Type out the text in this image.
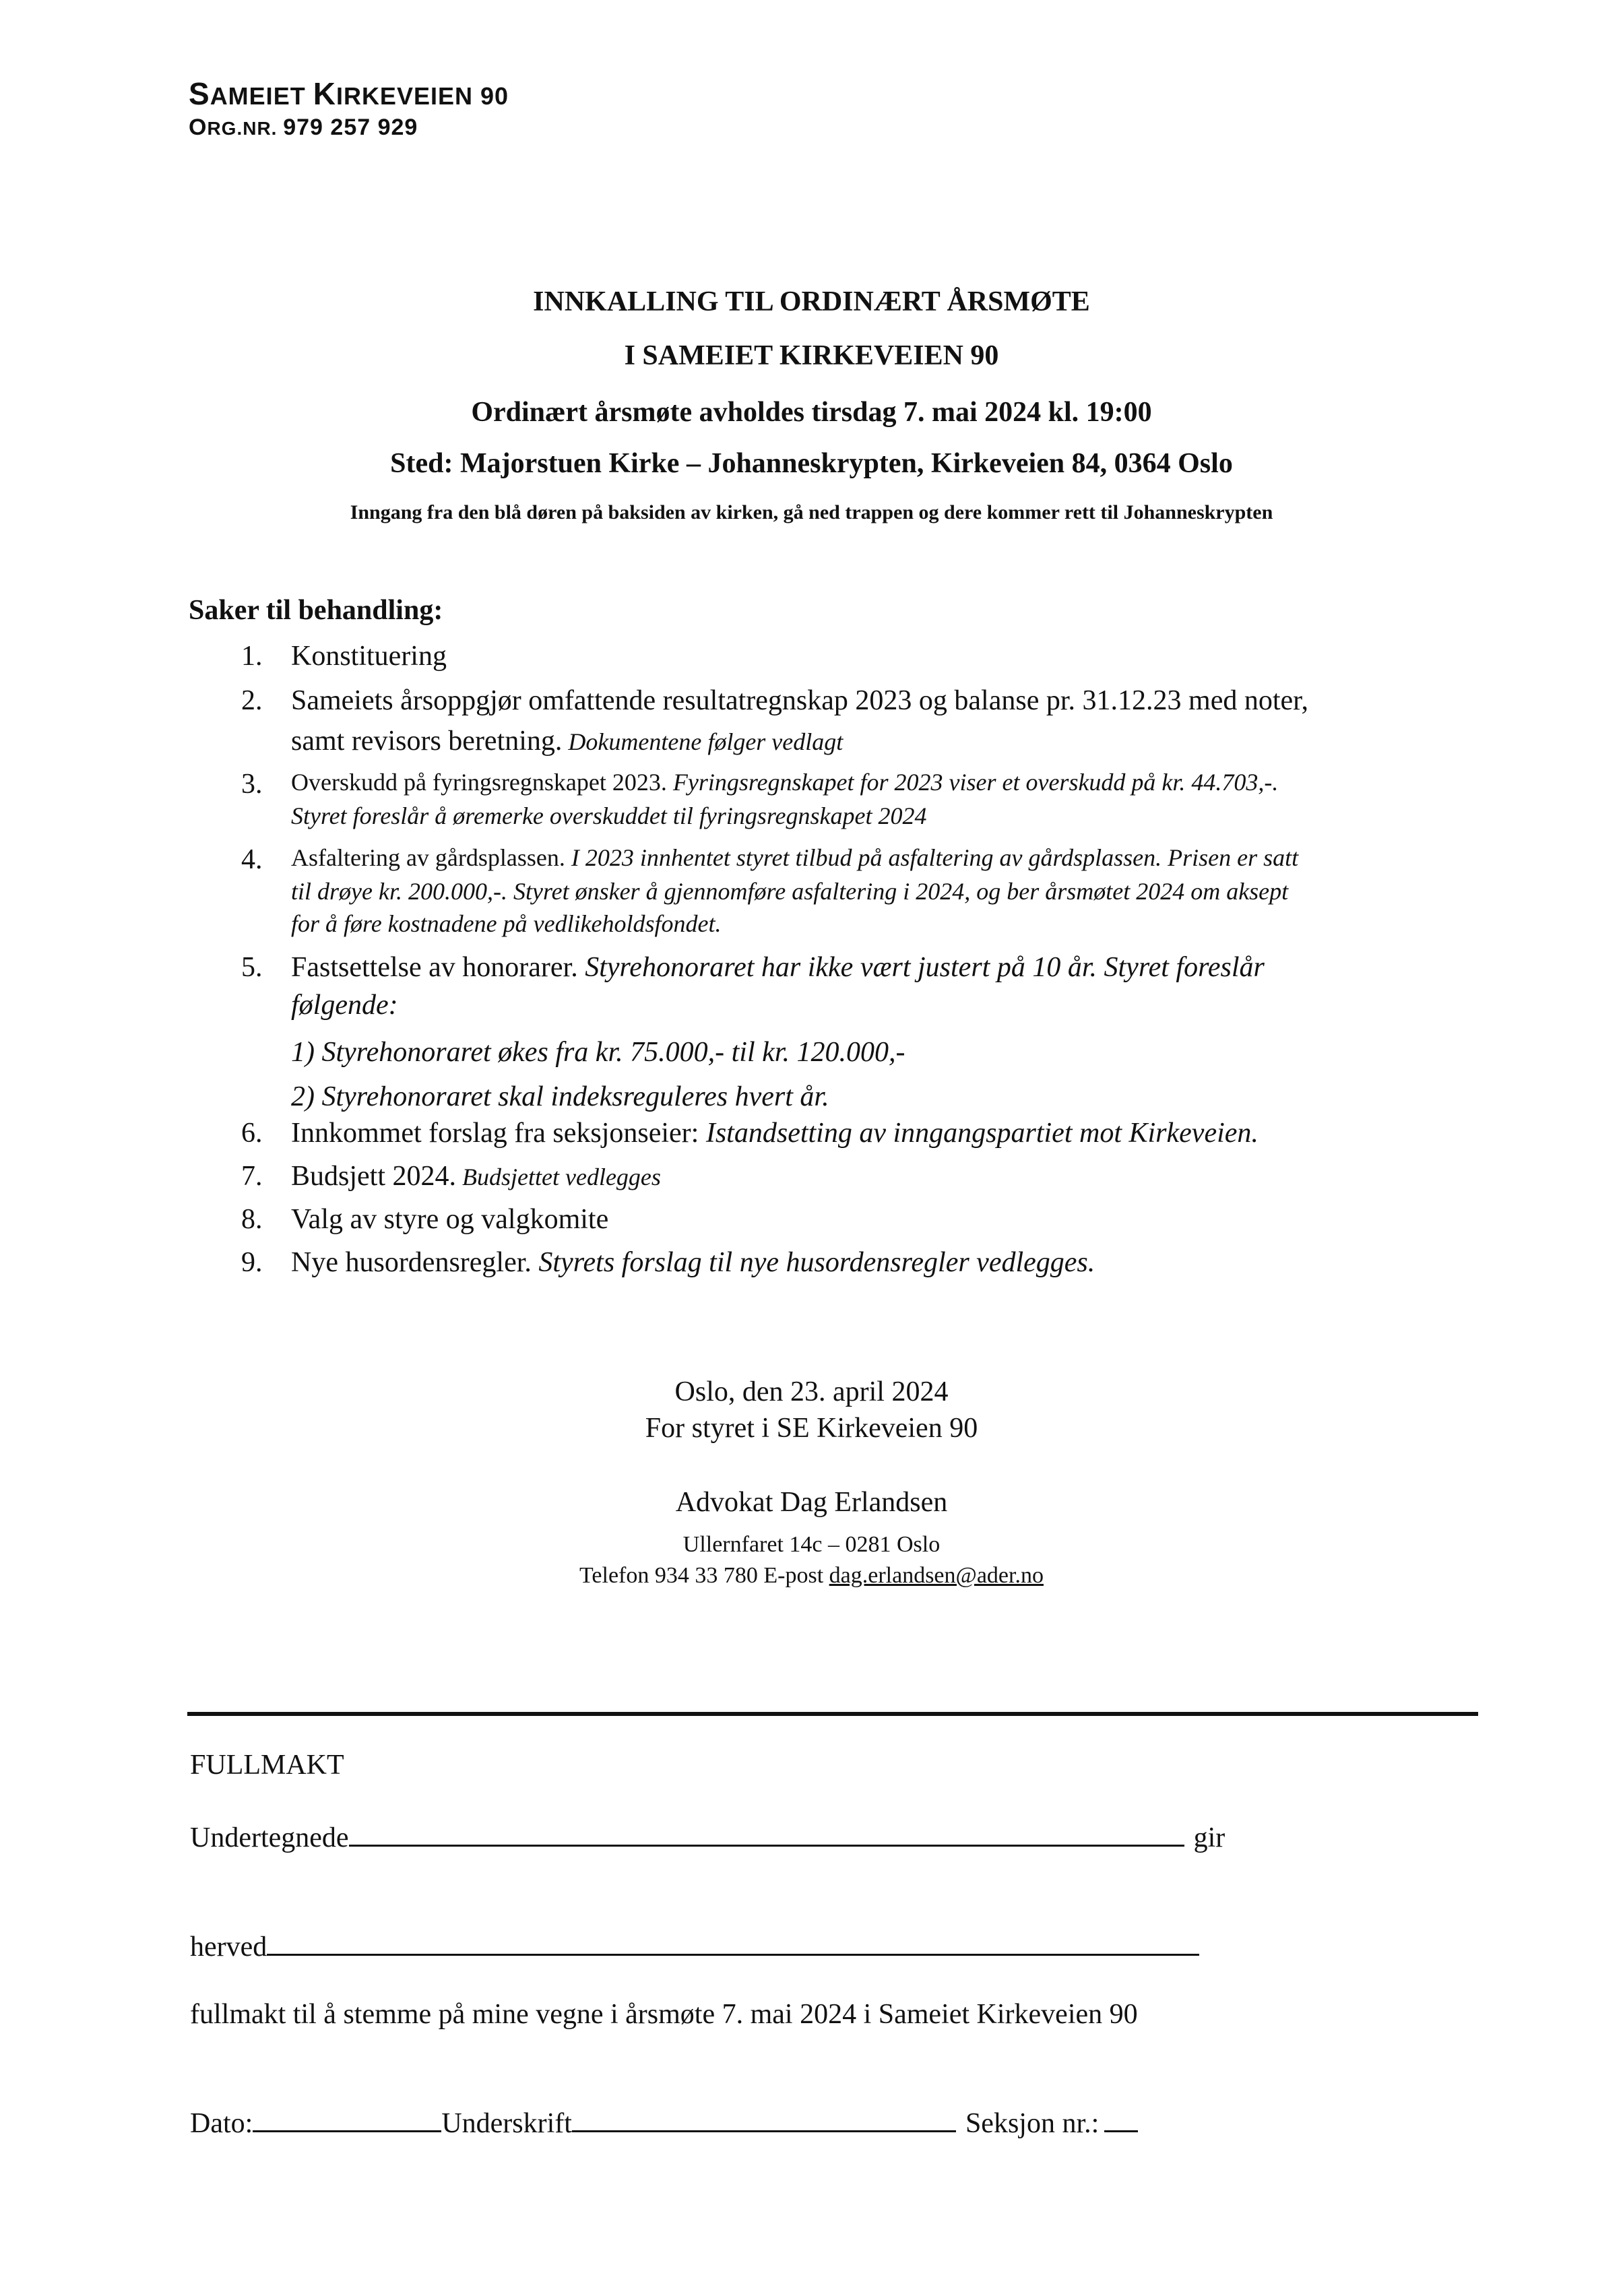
SAMEIET KIRKEVEIEN 90
ORG.NR. 979 257 929
INNKALLING TIL ORDINÆRT ÅRSMØTE
I SAMEIET KIRKEVEIEN 90
Ordinært årsmøte avholdes tirsdag 7. mai 2024 kl. 19:00
Sted: Majorstuen Kirke – Johanneskrypten, Kirkeveien 84, 0364 Oslo
Inngang fra den blå døren på baksiden av kirken, gå ned trappen og dere kommer rett til Johanneskrypten
Saker til behandling:
1. Konstituering
2. Sameiets årsoppgjør omfattende resultatregnskap 2023 og balanse pr. 31.12.23 med noter,
samt revisors beretning. Dokumentene følger vedlagt
3. Overskudd på fyringsregnskapet 2023. Fyringsregnskapet for 2023 viser et overskudd på kr. 44.703,-.
Styret foreslår å øremerke overskuddet til fyringsregnskapet 2024
4. Asfaltering av gårdsplassen. I 2023 innhentet styret tilbud på asfaltering av gårdsplassen. Prisen er satt
til drøye kr. 200.000,-. Styret ønsker å gjennomføre asfaltering i 2024, og ber årsmøtet 2024 om aksept
for å føre kostnadene på vedlikeholdsfondet.
5. Fastsettelse av honorarer. Styrehonoraret har ikke vært justert på 10 år. Styret foreslår
følgende:
1) Styrehonoraret økes fra kr. 75.000,- til kr. 120.000,-
2) Styrehonoraret skal indeksreguleres hvert år.
6. Innkommet forslag fra seksjonseier: Istandsetting av inngangspartiet mot Kirkeveien.
7. Budsjett 2024. Budsjettet vedlegges
8. Valg av styre og valgkomite
9. Nye husordensregler. Styrets forslag til nye husordensregler vedlegges.
Oslo, den 23. april 2024
For styret i SE Kirkeveien 90
Advokat Dag Erlandsen
Ullernfaret 14c – 0281 Oslo
Telefon 934 33 780 E-post dag.erlandsen@ader.no
FULLMAKT
Undertegnede	gir
herved
fullmakt til å stemme på mine vegne i årsmøte 7. mai 2024 i Sameiet Kirkeveien 90
Dato:	Underskrift	Seksjon nr.:
